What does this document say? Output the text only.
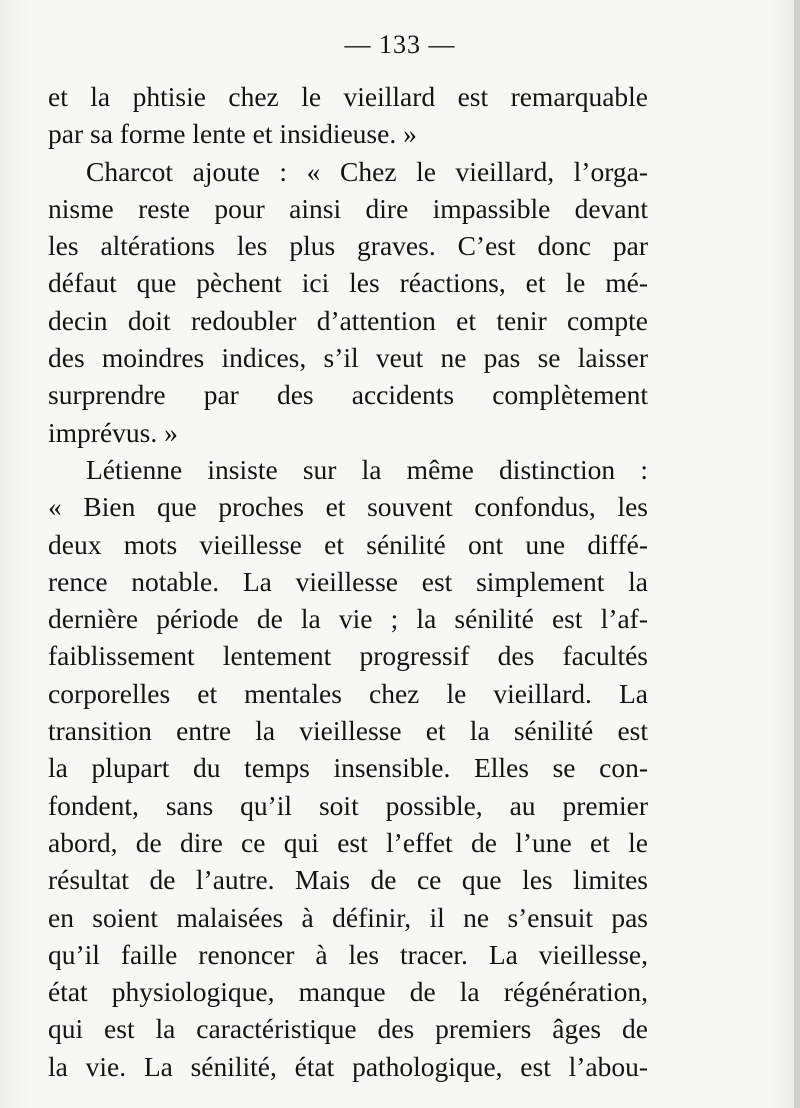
— 133 —
et la phtisie chez le vieillard est remarquable
par sa forme lente et insidieuse. »
Charcot ajoute : « Chez le vieillard, l’orga-
nisme reste pour ainsi dire impassible devant
les altérations les plus graves. C’est donc par
défaut que pèchent ici les réactions, et le mé-
decin doit redoubler d’attention et tenir compte
des moindres indices, s’il veut ne pas se laisser
surprendre par des accidents complètement
imprévus. »
Létienne insiste sur la même distinction :
« Bien que proches et souvent confondus, les
deux mots vieillesse et sénilité ont une diffé-
rence notable. La vieillesse est simplement la
dernière période de la vie ; la sénilité est l’af-
faiblissement lentement progressif des facultés
corporelles et mentales chez le vieillard. La
transition entre la vieillesse et la sénilité est
la plupart du temps insensible. Elles se con-
fondent, sans qu’il soit possible, au premier
abord, de dire ce qui est l’effet de l’une et le
résultat de l’autre. Mais de ce que les limites
en soient malaisées à définir, il ne s’ensuit pas
qu’il faille renoncer à les tracer. La vieillesse,
état physiologique, manque de la régénération,
qui est la caractéristique des premiers âges de
la vie. La sénilité, état pathologique, est l’abou-
